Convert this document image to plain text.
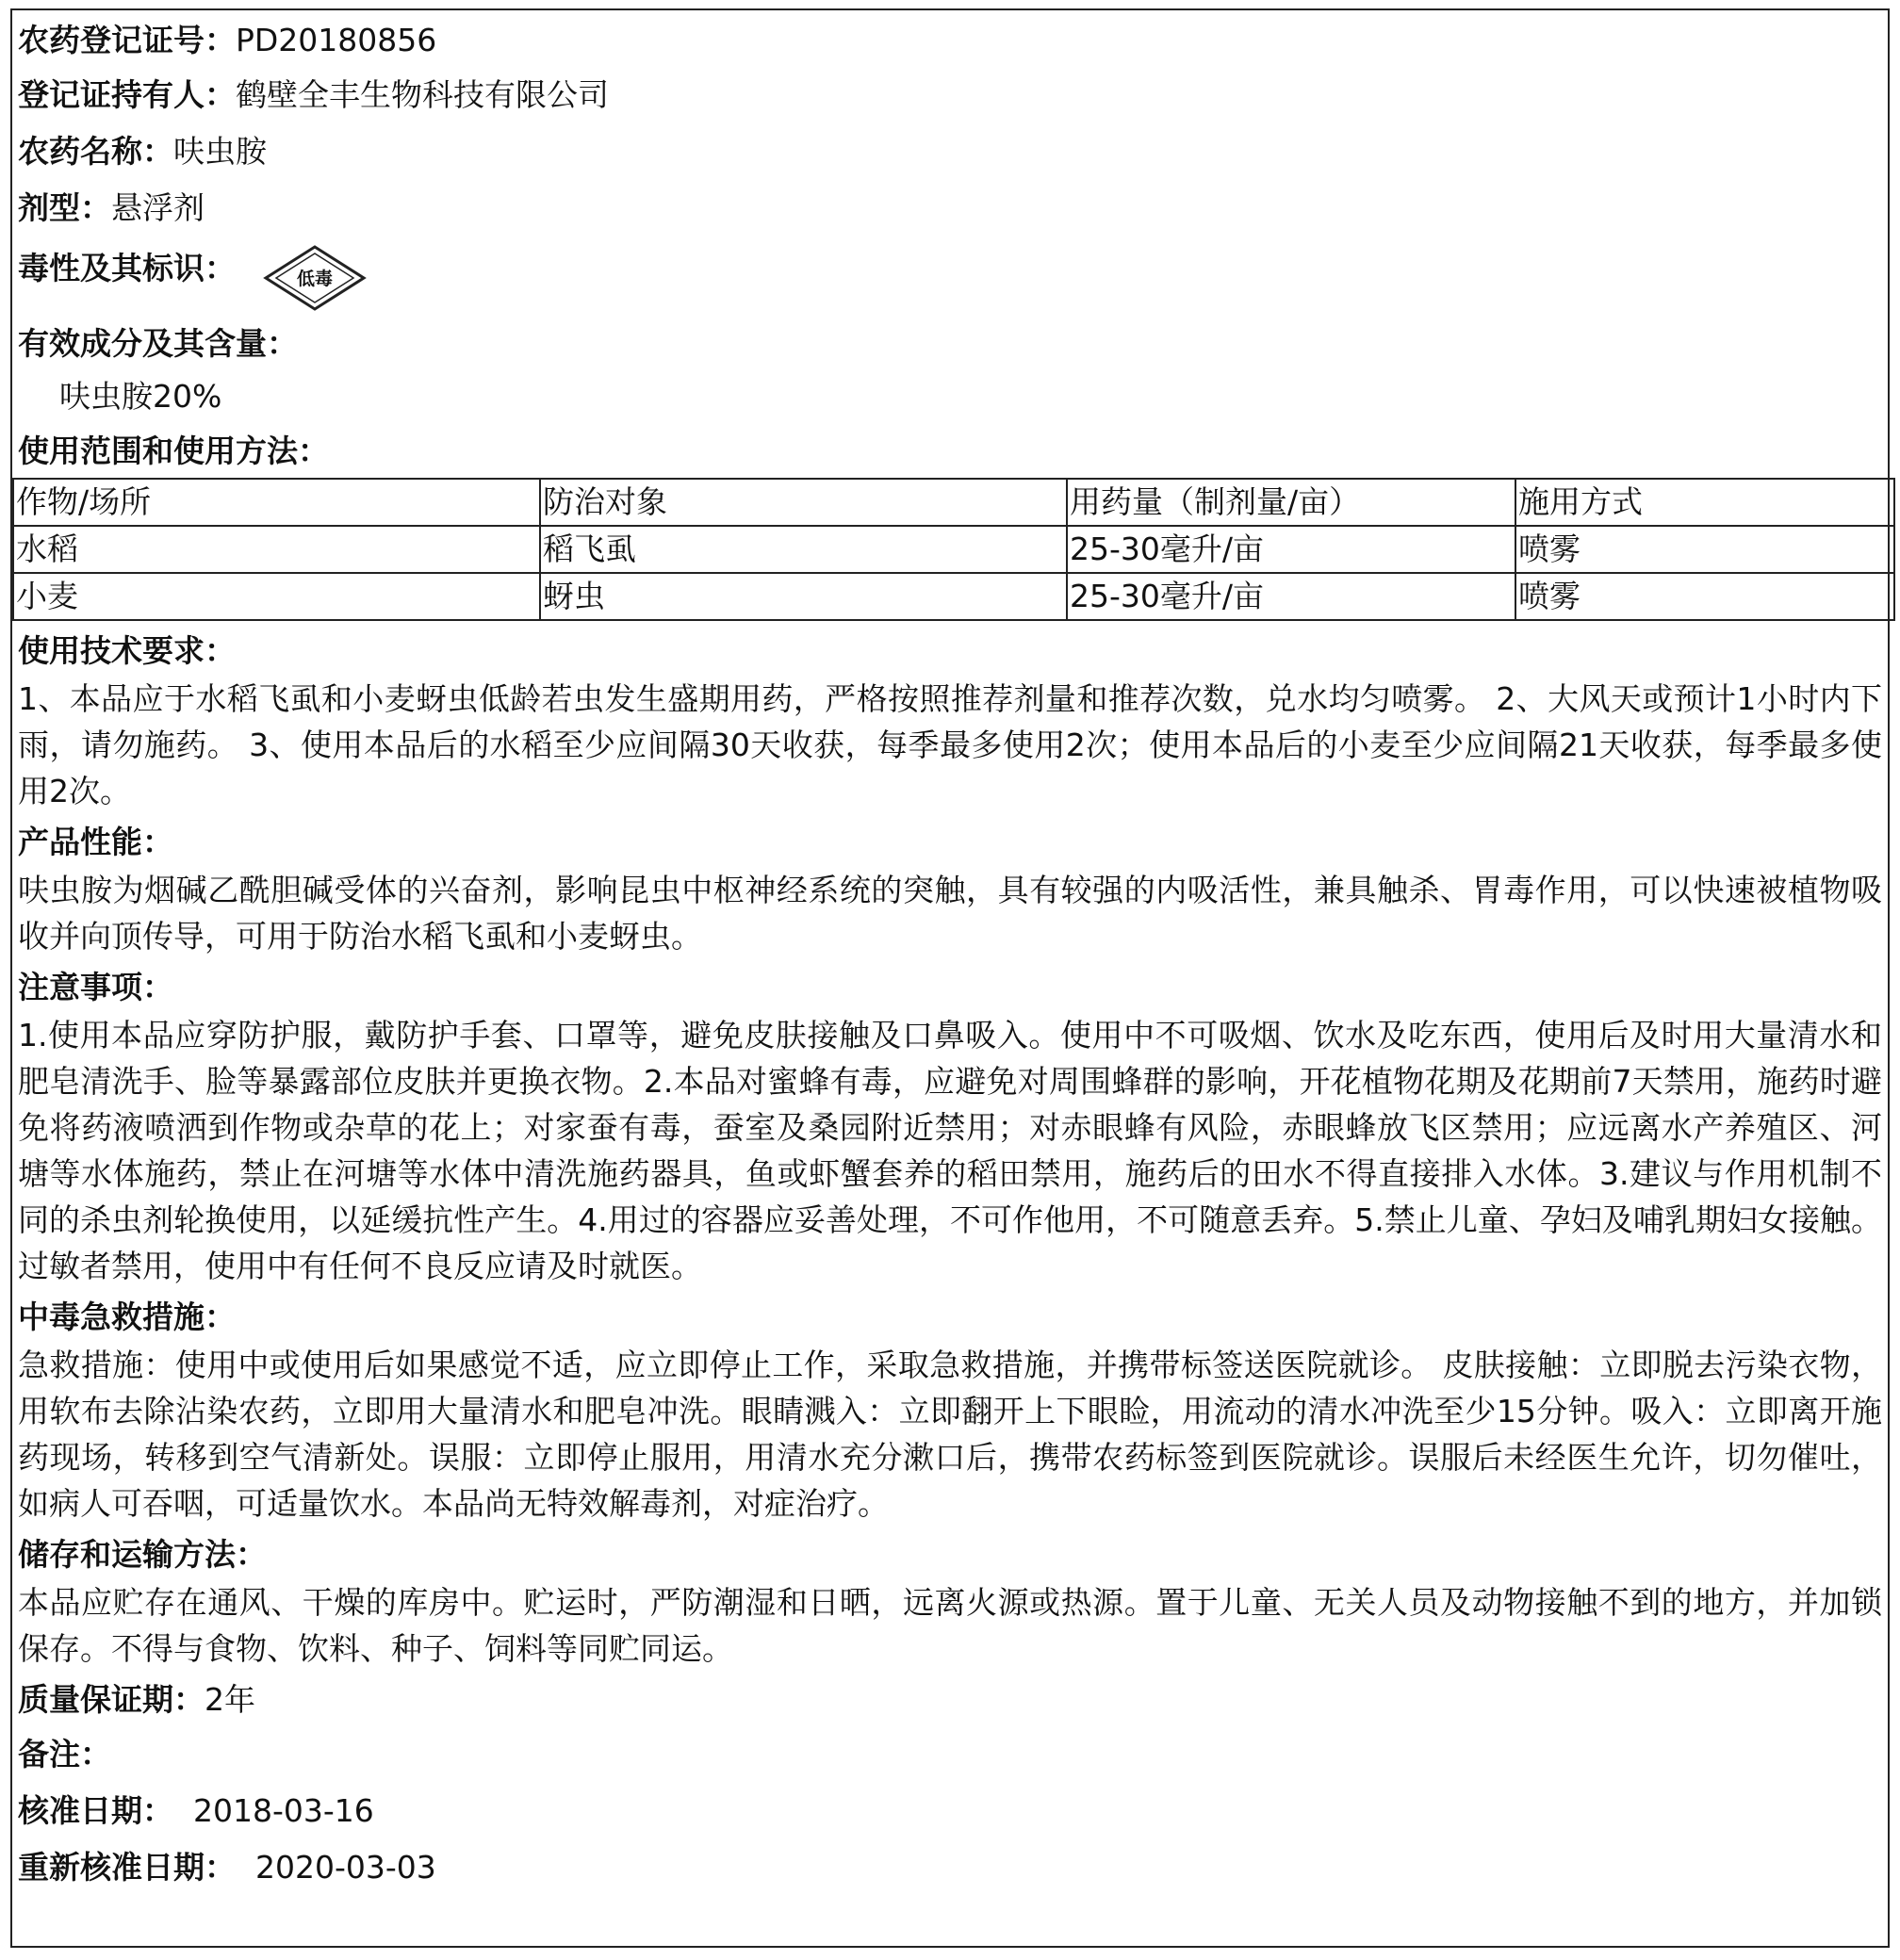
农药登记证号：PD20180856
登记证持有人：鹤壁全丰生物科技有限公司
农药名称：呋虫胺
剂型：悬浮剂
毒性及其标识：	低毒
有效成分及其含量：
呋虫胺20%
使用范围和使用方法：
作物/场所	防治对象	用药量（制剂量/亩）	施用方式
水稻	稻飞虱	25-30毫升/亩	喷雾
小麦	蚜虫	25-30毫升/亩	喷雾
使用技术要求：
1、本品应于水稻飞虱和小麦蚜虫低龄若虫发生盛期用药，严格按照推荐剂量和推荐次数，兑水均匀喷雾。 2、大风天或预计1小时内下雨，请勿施药。 3、使用本品后的水稻至少应间隔30天收获，每季最多使用2次；使用本品后的小麦至少应间隔21天收获，每季最多使用2次。
产品性能：
呋虫胺为烟碱乙酰胆碱受体的兴奋剂，影响昆虫中枢神经系统的突触，具有较强的内吸活性，兼具触杀、胃毒作用，可以快速被植物吸收并向顶传导，可用于防治水稻飞虱和小麦蚜虫。
注意事项：
1.使用本品应穿防护服，戴防护手套、口罩等，避免皮肤接触及口鼻吸入。使用中不可吸烟、饮水及吃东西，使用后及时用大量清水和肥皂清洗手、脸等暴露部位皮肤并更换衣物。2.本品对蜜蜂有毒，应避免对周围蜂群的影响，开花植物花期及花期前7天禁用，施药时避免将药液喷洒到作物或杂草的花上；对家蚕有毒，蚕室及桑园附近禁用；对赤眼蜂有风险，赤眼蜂放飞区禁用；应远离水产养殖区、河塘等水体施药，禁止在河塘等水体中清洗施药器具，鱼或虾蟹套养的稻田禁用，施药后的田水不得直接排入水体。3.建议与作用机制不同的杀虫剂轮换使用，以延缓抗性产生。4.用过的容器应妥善处理，不可作他用，不可随意丢弃。5.禁止儿童、孕妇及哺乳期妇女接触。过敏者禁用，使用中有任何不良反应请及时就医。
中毒急救措施：
急救措施：使用中或使用后如果感觉不适，应立即停止工作，采取急救措施，并携带标签送医院就诊。 皮肤接触：立即脱去污染衣物，用软布去除沾染农药，立即用大量清水和肥皂冲洗。眼睛溅入：立即翻开上下眼睑，用流动的清水冲洗至少15分钟。吸入：立即离开施药现场，转移到空气清新处。误服：立即停止服用，用清水充分漱口后，携带农药标签到医院就诊。误服后未经医生允许，切勿催吐，如病人可吞咽，可适量饮水。本品尚无特效解毒剂，对症治疗。
储存和运输方法：
本品应贮存在通风、干燥的库房中。贮运时，严防潮湿和日晒，远离火源或热源。置于儿童、无关人员及动物接触不到的地方，并加锁保存。不得与食物、饮料、种子、饲料等同贮同运。
质量保证期：2年
备注：
核准日期： 2018-03-16
重新核准日期： 2020-03-03
